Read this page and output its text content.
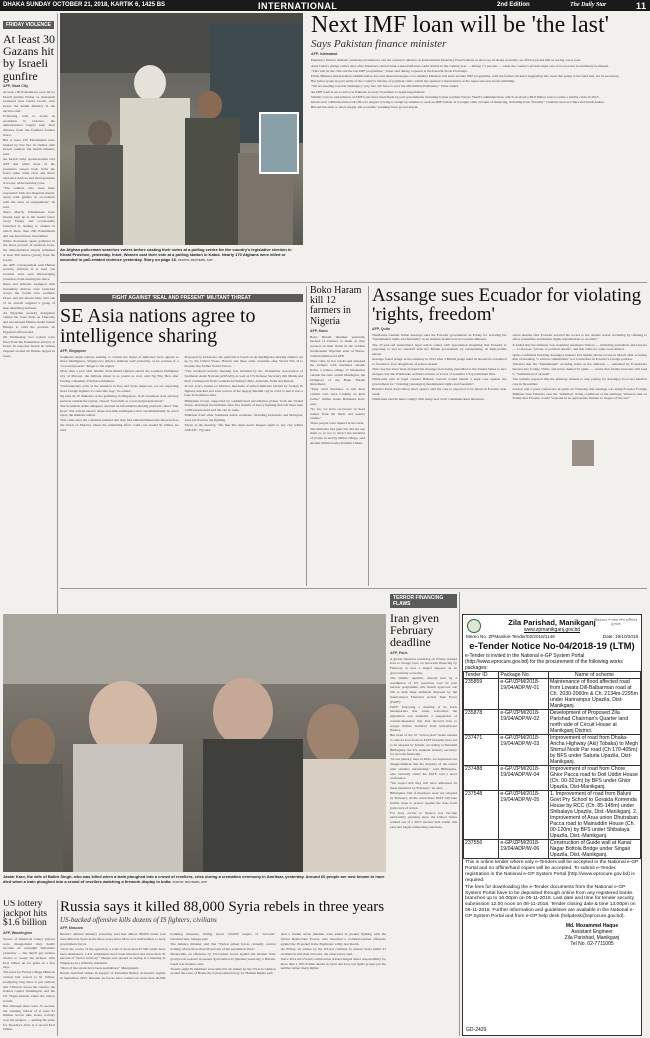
DHAKA SUNDAY OCTOBER 21, 2018, KARTIK 6, 1425 BS	INTERNATIONAL	2nd Edition	The Daily Star	11
FRIDAY VIOLENCE
At least 30 Gazans hit by Israeli gunfire
AFP, Gaza City

At least 130 Palestinians were hit by Israeli gunfire Friday as thousands protested near Gaza's border with Israel, the health ministry in the enclave said.

Following calls to avoid an escalation in violence, the demonstrators largely kept their distance from the fortified frontier fence.

But at least 130 Palestinians were injured by live fire in clashes with Israeli soldiers, the health ministry said.

An Israeli army spokeswoman told AFP that while most of the protesters stayed back from the fence some came close and threw explosive devices and hand grenades at troops, while burning tyres.

"The soldiers who were there responded with riot dispersal means, along with gunfire in accordance with the rules of engagement," he said.

Since March, Palestinians have mostly kept up at the border fence every Friday and occasionally breached it, leading to clashes in which more than 200 Palestinians and one Israeli have been killed.

While thousands again gathered in the fence protests in northern Gaza, the demonstration largely remained at least 300 metres (yards) from the border.

An AFP correspondent said Hamas security officials in at least one location were seen discouraging protesters from nearing the fence.

Kites and balloons equipped with incendiary devices were launched across the border into southern Israel, and the Israeli army said one of its aircraft targeted a group of men launching balloons.

An Egyptian security delegation visited the Gaza Strip on Thursday and encouraged Hamas leader Ismail Haniya to calm the protests, an Egyptian official said.

On Wednesday, two rockets were fired from the Palestinian enclave at Israel. In response Israeli air strikes targeted around 20 Hamas targets in Gaza.

An Afghan policeman searches voters before casting their votes at a polling centre for the country's legislative election in Khost Province, yesterday. Inset, Women cast their vote at a polling station in Kabul. Nearly 170 Afghans were killed or wounded in poll-related violence yesterday. Story on page 16. PHOTO: REUTERS, AFP
Next IMF loan will be 'the last'
Says Pakistan finance minister
AFP, Islamabad

Pakistan's finance minister yesterday promised to end the country's reliance on International Monetary Fund bailouts as shore up its shaky economy, an official quoted him as saying a new loan.

Asad Umar's pledge comes days after Pakistan's central bank warned inflation could double in the coming year — hitting 7.5 percent — while the country's growth target rate of 6.2 percent would likely be missed.

"This will be the 13th and the last IMF programme," Umar said during a speech at the Karachi Stock Exchange.

Prime Minister Imran Khan's administration has sent mixed messages over whether Pakistan will enter another IMF programme, with the former cricketer suggesting this week that going to the fund may not be necessary.

But Umar spoke in gave terms of the country's balance of payment crisis, which has sparked a depreciation of the rupee and sent stocks tumbling.

"We are heading towards bankruptcy very fast. We have to save the 200 million Pakistanis," Umar added.

An IMF team is set to arrive in Pakistan in early November to begin negotiations.

Similar vows to end reliance on IMF loans have been made by past governments including former premier Nawaz Sharif's administration, which received a $6.6 billion loan to tackle a similar crisis in 2013.

Khan's new administration took office in August vowing to weigh up whether to seek an IMF bailout as it sought other avenues of financing, including from "friendly" countries such as China and Saudi Arabia.

But aid has been so short supply and economic warnings have grown urgent.

FIGHT AGAINST 'REAL AND PRESENT' MILITANT THREAT
SE Asia nations agree to intelligence sharing
AFP, Singapore

Southeast Asian nations seeking to combat the threat of militancy have agreed to share intelligence, Singapore's defence minister said yesterday, as he warned of a "real and present" danger to the region.

More than a year after Islamic State-linked fighters seized the southern Philippine city of Marawi, the militant threat is as potent as ever, said Ng Eng Hen after hosting a meeting of defence ministers.

"Unfortunately even as the situation in Iraq and Syria improves, we are expecting more foreign fighters to come this way," he added.

Ng said all 10 ministers at the gathering in Singapore, from Southeast Asia and key partners outside the region, viewed "terrorism as a real and present threat".

The Southeast Asian delegates adopted an information-sharing platform called "Our Eyes" that will be used to share real-time intelligence that can immediately be acted upon, the minister added.

This came after the countries realised that they had underestimated the threat before the attack on Marawi, where the rebuilding effort could cost around $1 billion, he said.

Proposed by Indonesia, the platform is based on an intelligence-sharing alliance set up by the United States, Britain and three other countries after World War II to monitor the former Soviet Union.

"The weekend security meeting was attended by the 10-member Association of Southeast Asian Nations (ASEAN), as well as US Defense Secretary Jim Mattis and their counterparts from countries including China, Australia, India and Russia.

In last year's assault on Marawi, hundreds of armed militants backed by foreign IS fighters attacked and took control of the largely Muslim city in a bid to turn it into a base in Southeast Asia.

Philippine troops, supported by sophisticated surveillance planes from the United States, dislodged the militants after five months of heavy fighting that left more than 1,000 people dead and the city in ruins.

Militants from other Southeast Asian countries, including Indonesia and Malaysia, were involved in the fighting.

Those at the meeting "felt that this must never happen again to any city within ASEAN", Ng said.

Boko Haram kill 12 farmers in Nigeria
AFP, Kano

Boko Haram jihadists yesterday hacked 12 farmers to death as they worked on their fields in the volatile northeastern Nigerian state of Borno, civilian militia told AFP.

They came in two trucks and attacked the farmers with machetes outside Kalle, a remote village 17 kilometres outside the state capital Maiduguri, the birthplace of the Boko Haram movement.

"They used machetes to kill their victims who were working on their farms," militia leader Babakura Kolo said.

"So far, we have recovered 12 dead bodies from the fields and nearby bushes."

Three people were injured in the raids.

The militants had guns but did not use them so as not to attract the attention of troops in nearby Mulai village, said another militia leader Ibrahim Liman.

Assange sues Ecuador for violating 'rights, freedom'
AFP, Quito

WikiLeaks founder Julian Assange sued the Ecuador government on Friday for violating his "fundamental rights and freedoms" as he endures isolation in its London embassy.

The 47-year-old Australian's legal action comes with speculation mounting that Ecuador is preparing to end its standoff with the British government by surrendering its high-profile tenant.

Assange found refuge in the embassy in 2012 after a British judge ruled he should be extradited to Sweden to face allegations of sexual assault.

That case has since been dropped but Assange fears being extradited to the United States to face charges over the WikiLeaks website's release of troves of sensitive US government files.

WikiLeaks said in legal counsel Baltasar Garzon would launch a legal case against the government for "violating [Assange's] fundamental rights and freedoms".

Britain's Press Association news agency said the case is expected to be heard in Ecuador next week.

WikiLeaks said he must comply with many new strict communication measures.

seven months after Ecuador severed his access to the outside world, including by refusing to allow journalists and human rights organizations to see him."

It added that the embassy was requiring Assange's visitors — including journalists and lawyers — to disclose "private or political details", and that visits for some were denied.

Quito confirmed blocking Assange's internet and mobile phone access in March after accusing him of breaking "a written commitment" not to interfere in Ecuador's foreign policies.

Valencia met his "fundamental" accusing states as the embassy — remained by Ecuadorian interest site Codigo Vidrio and never denied by Quito — warns that further breaches will lead to "termination of asylum".

The website reported that the embassy intends to stop paying for Assange's food and medical care in December.

Garzon told a press conference in Quito on Thursday that Assange was suing Ecuador Foreign Minister Jose Valencia over his "inhuman" living conditions at the embassy. Valencia said on Friday that Ecuador would "respond in an appropriate manner to respect of the law".

Jasbir Kaur, the wife of Balbir Singh, who was killed when a train ploughed into a crowd of revellers, cries during a cremation ceremony in Amritsar, yesterday. Around 60 people are now known to have died when a train ploughed into a crowd of revellers watching a firework display in India. PHOTO: REUTERS, AFP
TERROR FINANCING FLAWS
Iran given February deadline
AFP, Paris

A global financial watchdog on Friday warned Iran to change laws on terrorism financing by February or face a deeper squeeze on its spectacularly economy.

The Islamic republic, already hurt by a resumption of US sanctions over its past nuclear programme, this month approved one bill to help meet demands imposed by the international Financial Action Task Force (FATF).

FATF, following a meeting at its Paris headquarters this week, welcomed the legislation and extended a suspension of counter-measures that Iran allowed Iran to escape further isolation from international finance.

But none of the 10 "action plan" items needed to remove Iran from an FATF blacklist have yet to be adopted by Tehran, according to Marshall Billingslea, the US assistant treasury secretary for terrorist financing.

"In our plenary, here in Paris, we expressed our disappointment that the majority of the action plan remains outstanding," said Billingslea, who currently chairs the FATF, told a news conference.

"We expect that they will have addressed all these measures by February," he said.

Billingslea said if measures were not adopted by February, all the restrictions FATF will take further steps to protect against the risks from Iran's lack of action.

For Iran, access to finance has become particularly pressing since the United States walked out of a 2015 nuclear deal earlier this year and began reimposing sanctions.

US lottery jackpot hits $1.6 billion
AFP, Washington

Scores of American lottery players were disappointed they hadn't become an overnight billionaire yesterday — but they'll get another chance to sweep the jackpot, with $1.6 billion up for grabs in a few days.

The prize for Friday's Mega Millions contest had soared to $1 billion, prompting long lines at gas stations and 7-Eleven across the country, the federal capital Washington and the US Virgin Islands where the lottery is held.

But although there were 15 second-tier winning tickets of at least $1 million across nine states, nobody won the jackpot — putting the prize for Tuesday's draw at a record $1.6 billion.

Russia says it killed 88,000 Syria rebels in three years
US-backed offensive kills dozens of IS fighters, civilians
AFP, Moscow

Russia's defence ministry yesterday said that almost 88,000 rebels had been killed in Syria in the three years since Moscow's intervention to back government forces.

"Over the course of the operation, a total of more than 87,500 rebels have been eliminated. 1,411 settlements have been liberated and more than 95 percent of Syria's territory," Shoigu was quoted as saying at a meeting in Singapore in a ministry statement.

"Most of the rebels have been neutralised," Muzqanunti.

Russia launched strikes in support of President Bashar al-Assad's regime in September 2015. Russian air forces have carried out more than 40,000 bombing missions, hitting about 120,000 targets of "terrorist" infrastructure, Shoigu said.

The defence minister said that "Syrian armed forces currently control nothing where more than 90 percent of the population lives".

Meanwhile, an offensive by US-backed forces against the Islamic State group's last redoubt in eastern Syria killed 25 jihadists yesterday, a Britain-based war monitor said.

Twenty-eight IS members were killed in air strikes by the US-led coalition around the town of Hajin, the Syrian Observatory for Human Rights said.

And a further seven jihadists were killed in ground fighting with the Syrian Democratic Forces, who launched a coalition-backed offensive against the IS pocket in the Euphrates valley last month.

On Friday, air strikes by the US-led coalition in eastern Syria killed 41 civilians in less than 24 hours, the observatory said.

Since 2014 the US-led coalition has acknowledged direct responsibility for more than 1,100 civilian deaths in Syria and Iraq, but rights groups put the number killed much higher.

উন্নয়নের গণতন্ত্র শেখ হাসিনার মূলমন্ত্র
Zila Parishad, Manikganj
www.zpmanikganj.gov.bd
Memo No. ZPManikie-Tender/02/2018/1146	Date: 19/10/2018
e-Tender Notice No-04/2018-19 (LTM)
e-Tender is invited in the National e-GP System Portal (http://www.eprocure.gov.bd) for the procurement of the following works packages:
Tender ID	Package No.	Name of scheme
235859	e-GP/ZPM/2018-19/04/ADP/W-01	Maintenance of flood affected road from Lowata Dill-Balbarman road at Ch. 2030-2060m & Ch. 2134m-2295m under Harirampur Upazila, Dist-Manikganj.
235878	e-GP/ZPM/2018-19/04/ADP/W-02	Development of Proposed Zila Parishad Chairman's Quarter land north side of Circuit House at Manikganj District.
237471	e-GP/ZPM/2018-19/04/ADP/W-03	Improvement of road from Dhaka-Aricha Highway (Aki) Tobaka) to Megh Shimul Nodir Par road (Ch 170-405m) by BFS under Saturia Upazila, Dist-Manikganj.
237488	e-GP/ZPM/2018-19/04/ADP/W-04	Improvement of road from Chore Ghior Pacca road to Doil Uddin House (Ch. 00-321m) by BFS under Ghior Upazila, Dist-Manikganj.
237548	e-GP/ZPM/2018-19/04/ADP/W-05	1. Improvement of road from Baluni Govt Pry School to Goraida Komenda House by RCC (Ch. 85-145m) under Shibalaya Upazila, Dist.-Manikganj. 2. Improvement of Arua union Dhutraban Pacca road to Mainuddin House (Ch. 00-120m) by BFS under Shibalaya Upazila, Dist.-Manikganj.
237556	e-GP/ZPM/2018-19/04/ADP/W-06	Construction of Guide wall at Kanai Nagar Bottola Bridge under Singair Upazila, Dist.-Manikganj.
This is online tender where only e-Tenders will be accepted in the National e-GP Portal and no offline/hard copies will be accepted. To submit e-Tender, registration in the National e-GP System Portal (http://www.eprocure.gov.bd) is required.
The fees for downloading the e-Tender documents from the National e-GP System Portal have to be deposited through online from any registered banks branches up to 16.00pm on 05-11-2018. Last date and time for tender security submission 12.00 noon on 06-11-2018. Tender closing date & time 13.00pm on 06-11-2018. Further information and guidelines are available in the National e-GP System Portal and from e-GP help desk (helpdesk@eprocure.gov.bd).
Md. Mozammel Haque
Assistant Engineer
Zila Parishad, Manikganj
Tel No. 02-7711005
GD-2429
